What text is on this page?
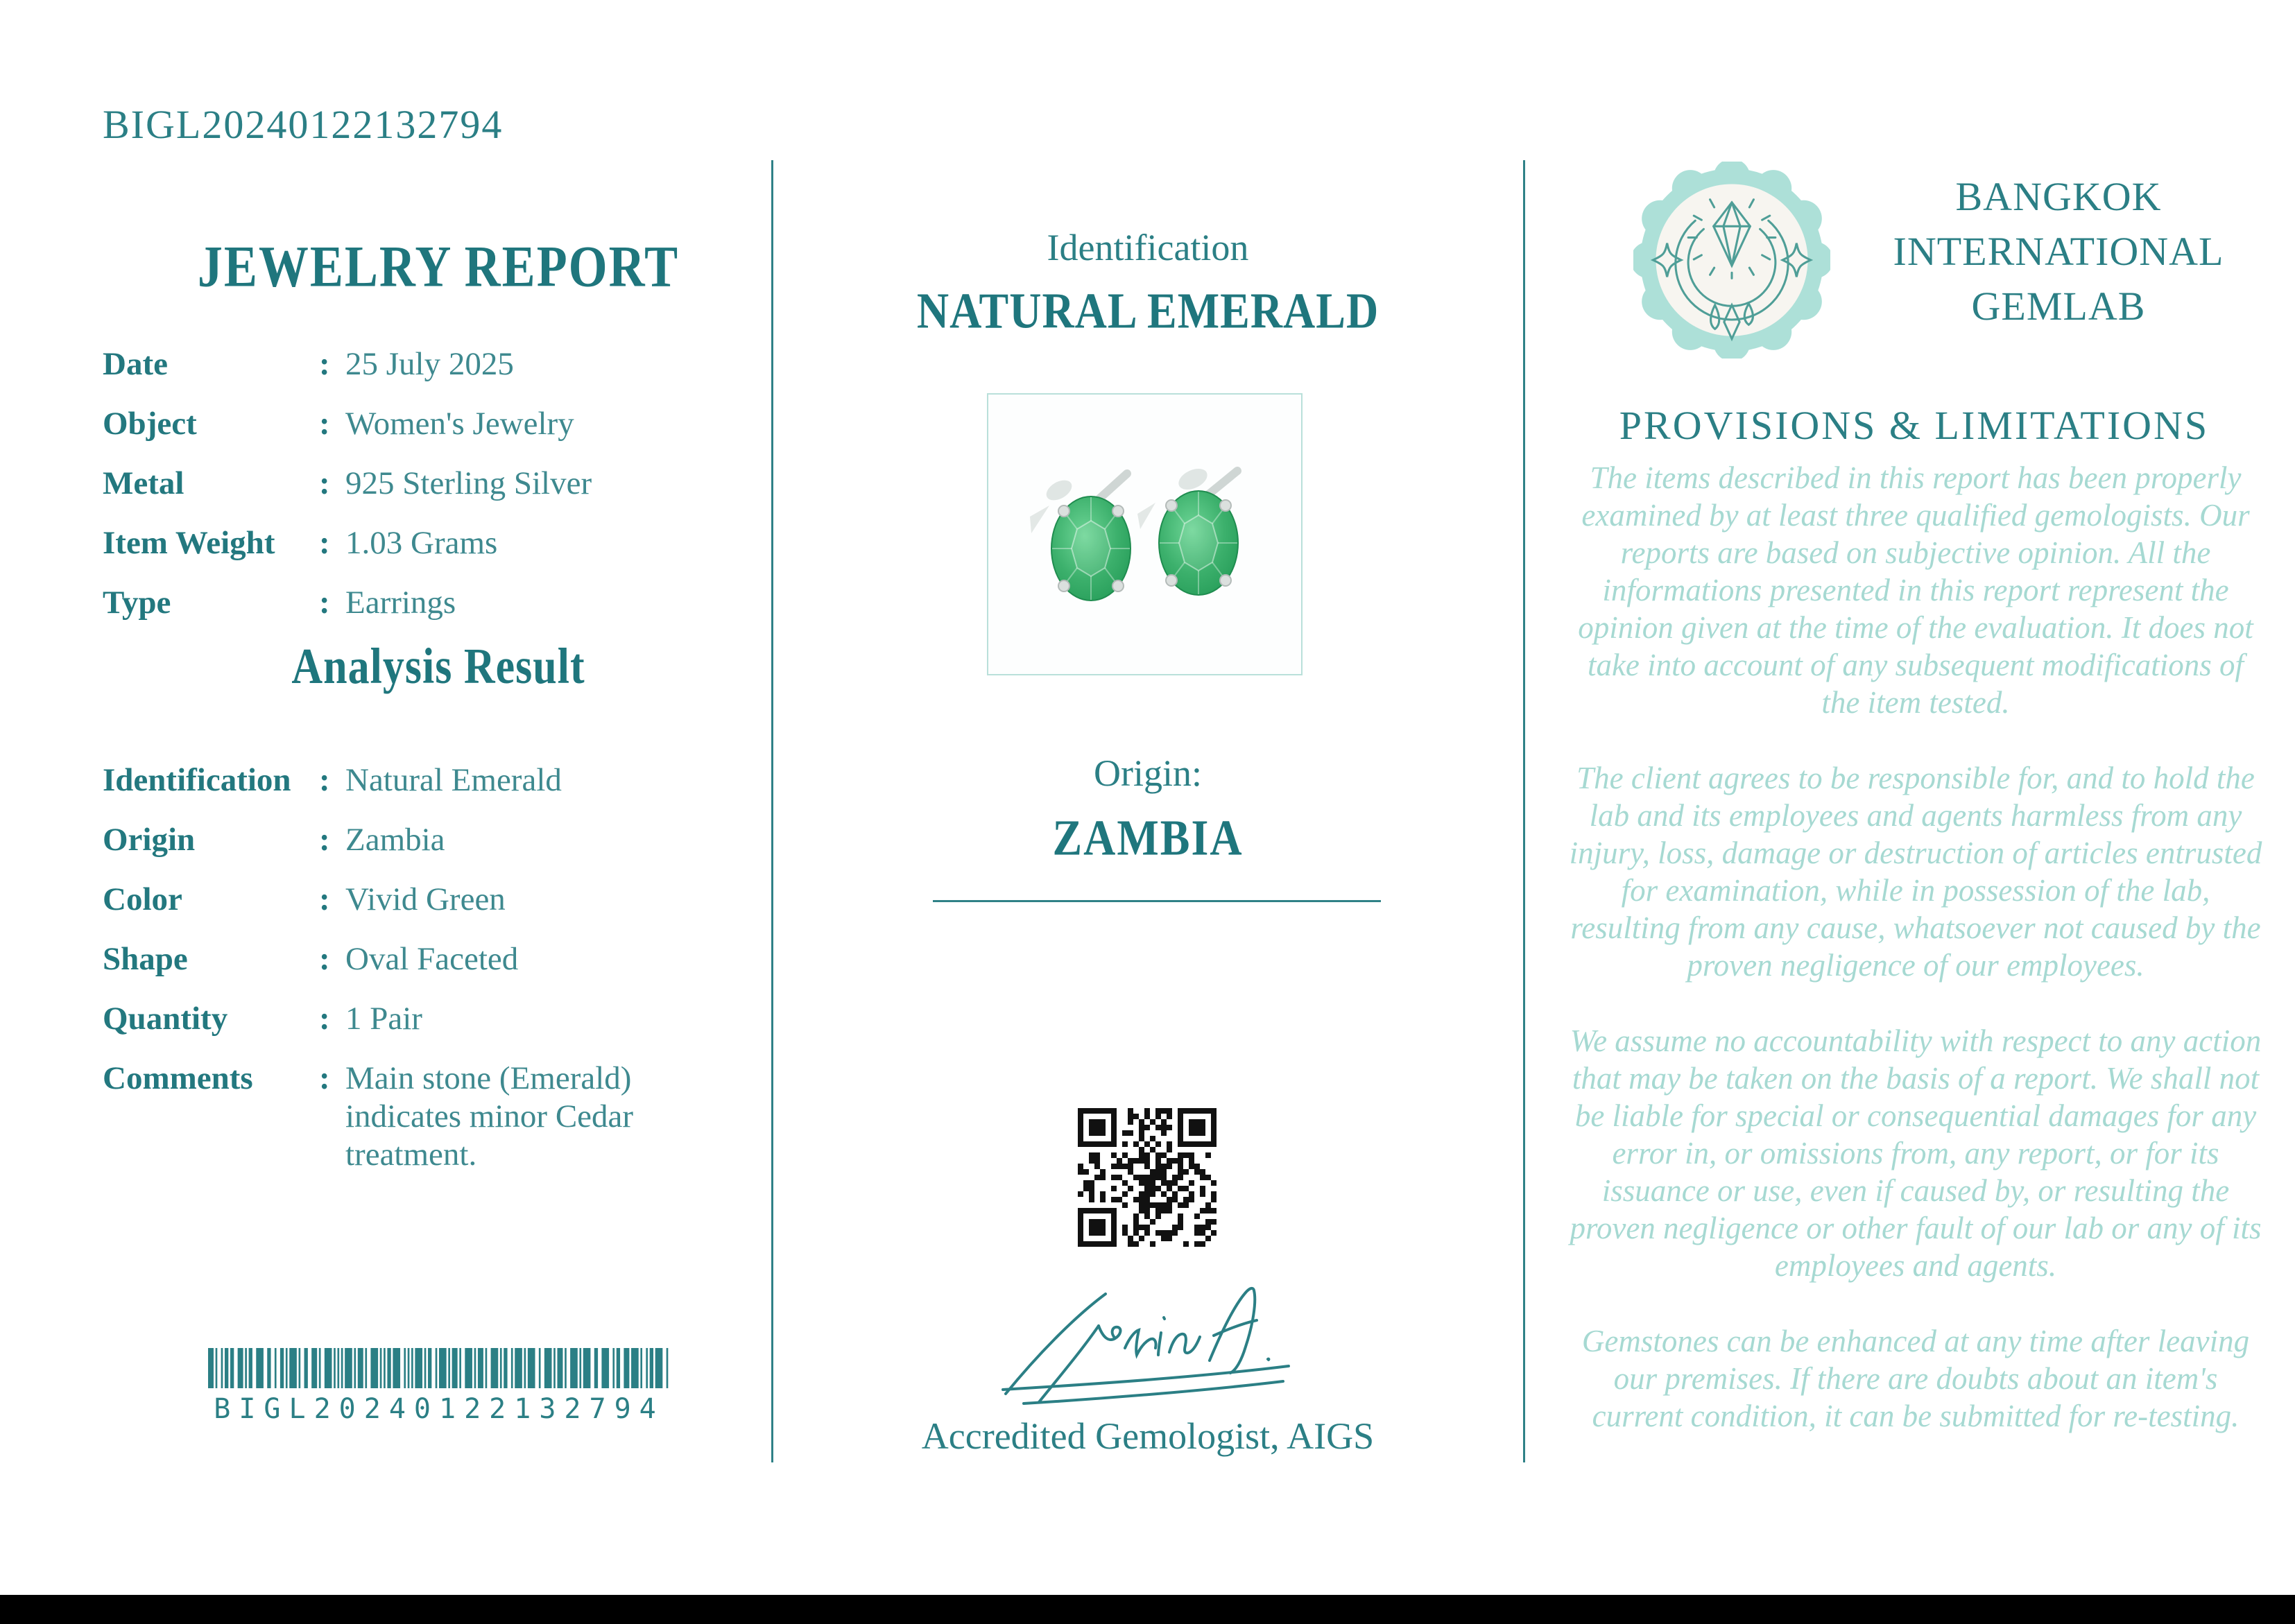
BIGL20240122132794
JEWELRY REPORT
Date	: 25 July 2025
Object	: Women's Jewelry
Metal	: 925 Sterling Silver
Item Weight	: 1.03 Grams
Type	: Earrings
Analysis Result
Identification : Natural Emerald
Origin	: Zambia
Color	: Vivid Green
Shape	: Oval Faceted
Quantity	: 1 Pair
Comments	: Main stone (Emerald) indicates minor Cedar treatment.
BIGL20240122132794
Identification
NATURAL EMERALD
Origin:
ZAMBIA
Accredited Gemologist, AIGS
BANGKOK
INTERNATIONAL
GEMLAB
PROVISIONS & LIMITATIONS

The items described in this report has been properly examined by at least three qualified gemologists. Our reports are based on subjective opinion. All the informations presented in this report represent the opinion given at the time of the evaluation. It does not take into account of any subsequent modifications of the item tested.

The client agrees to be responsible for, and to hold the lab and its employees and agents harmless from any injury, loss, damage or destruction of articles entrusted for examination, while in possession of the lab, resulting from any cause, whatsoever not caused by the proven negligence of our employees.

We assume no accountability with respect to any action that may be taken on the basis of a report. We shall not be liable for special or consequential damages for any error in, or omissions from, any report, or for its issuance or use, even if caused by, or resulting the proven negligence or other fault of our lab or any of its employees and agents.

Gemstones can be enhanced at any time after leaving our premises. If there are doubts about an item's current condition, it can be submitted for re-testing.
